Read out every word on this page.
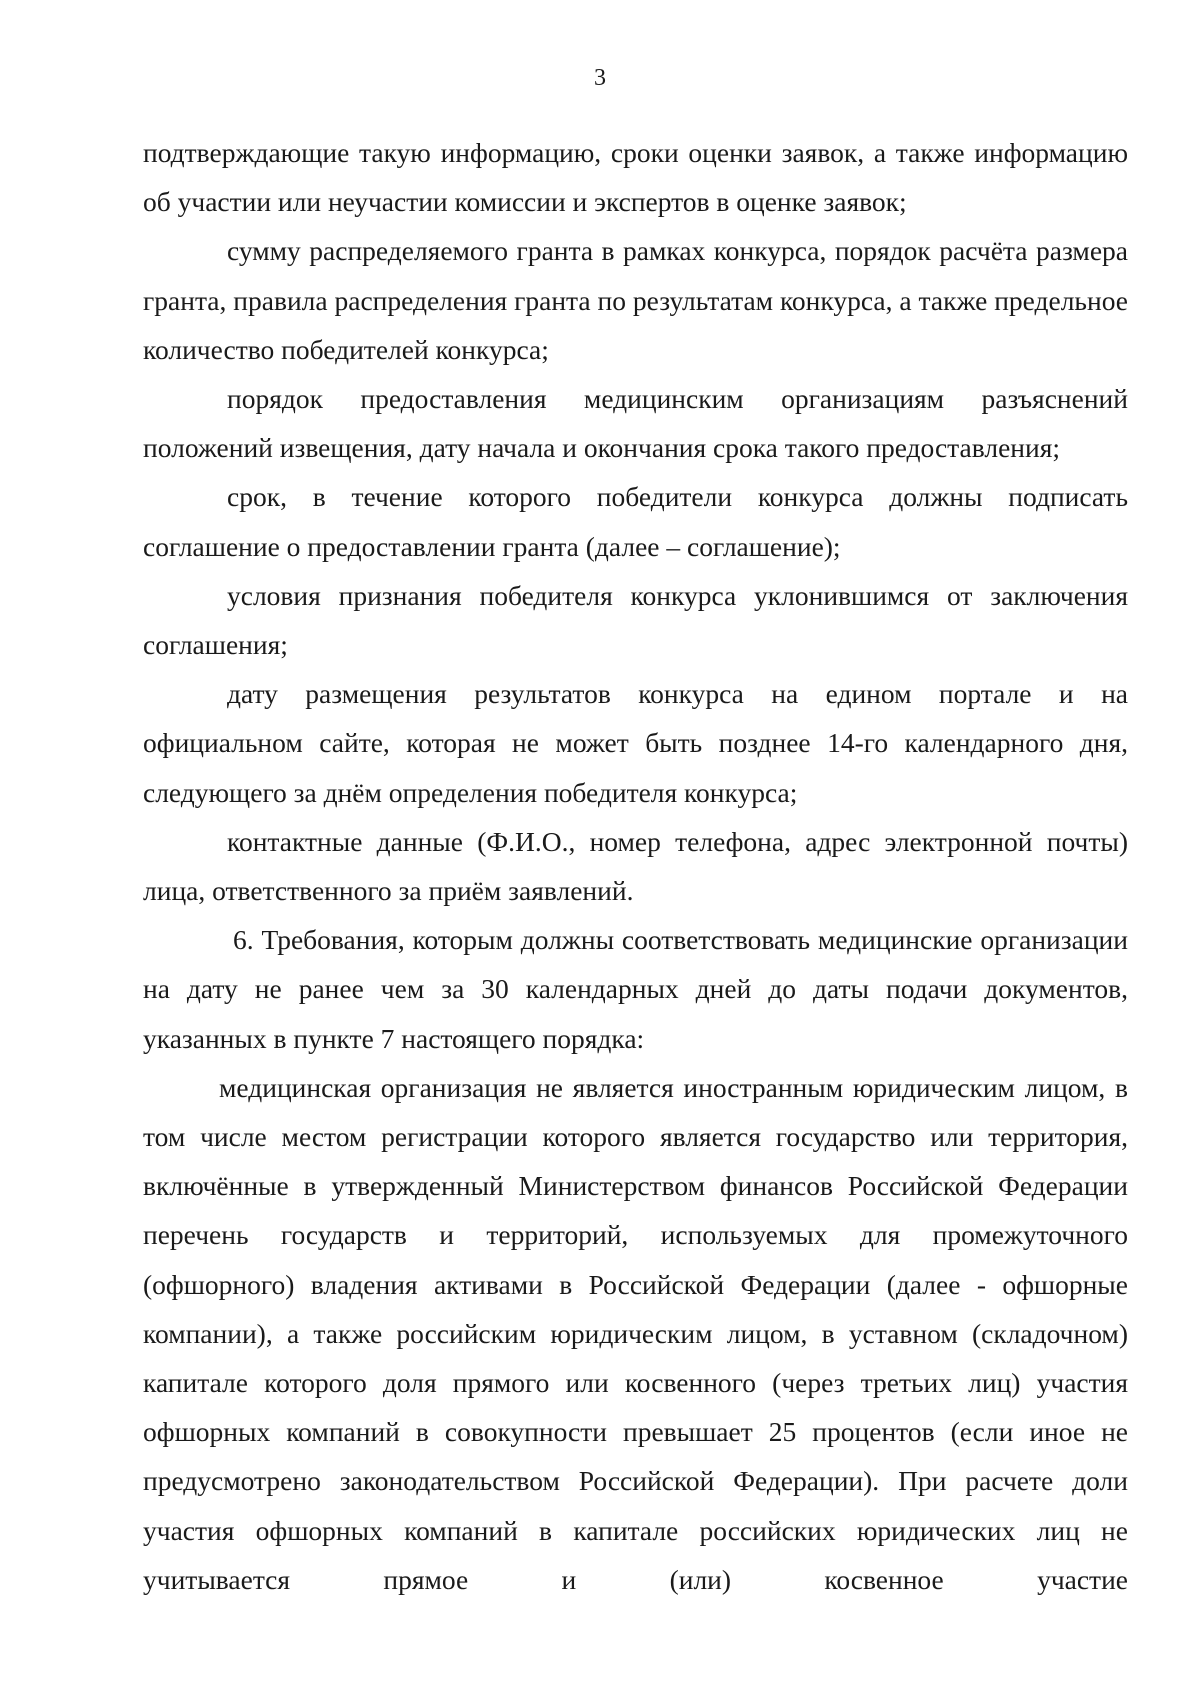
3

подтверждающие такую информацию, сроки оценки заявок, а также информацию об участии или неучастии комиссии и экспертов в оценке заявок;

сумму распределяемого гранта в рамках конкурса, порядок расчёта размера гранта, правила распределения гранта по результатам конкурса, а также предельное количество победителей конкурса;

порядок предоставления медицинским организациям разъяснений положений извещения, дату начала и окончания срока такого предоставления;

срок, в течение которого победители конкурса должны подписать соглашение о предоставлении гранта (далее – соглашение);

условия признания победителя конкурса уклонившимся от заключения соглашения;

дату размещения результатов конкурса на едином портале и на официальном сайте, которая не может быть позднее 14-го календарного дня, следующего за днём определения победителя конкурса;

контактные данные (Ф.И.О., номер телефона, адрес электронной почты) лица, ответственного за приём заявлений.

6. Требования, которым должны соответствовать медицинские организации на дату не ранее чем за 30 календарных дней до даты подачи документов, указанных в пункте 7 настоящего порядка:

медицинская организация не является иностранным юридическим лицом, в том числе местом регистрации которого является государство или территория, включённые в утвержденный Министерством финансов Российской Федерации перечень государств и территорий, используемых для промежуточного (офшорного) владения активами в Российской Федерации (далее - офшорные компании), а также российским юридическим лицом, в уставном (складочном) капитале которого доля прямого или косвенного (через третьих лиц) участия офшорных компаний в совокупности превышает 25 процентов (если иное не предусмотрено законодательством Российской Федерации). При расчете доли участия офшорных компаний в капитале российских юридических лиц не учитывается прямое и (или) косвенное участие
